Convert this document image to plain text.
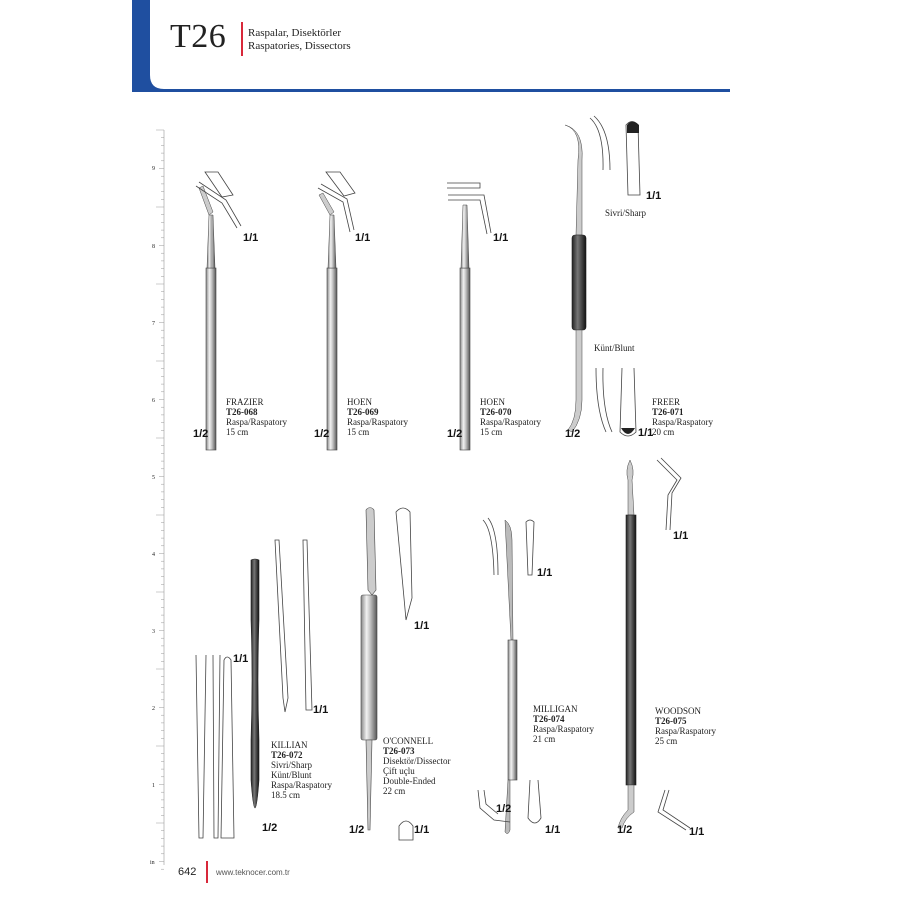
T26 Raspalar, Disektörler
Raspatories, Dissectors
9
8
7
6
5
4
3
2
1
in
1/1
1/2
FRAZIER
T26-068
Raspa/Raspatory
15 cm
1/1
1/2
HOEN
T26-069
Raspa/Raspatory
15 cm
1/1
1/2
HOEN
T26-070
Raspa/Raspatory
15 cm
1/1
Sivri/Sharp
Künt/Blunt
1/1
1/2
FREER
T26-071
Raspa/Raspatory
20 cm
1/1
1/1
1/2
KILLIAN
T26-072
Sivri/Sharp
Künt/Blunt
Raspa/Raspatory
18.5 cm
1/1
1/1
1/2
O'CONNELL
T26-073
Disektör/Dissector
Çift uçlu
Double-Ended
22 cm
1/1
1/1
1/2
MILLIGAN
T26-074
Raspa/Raspatory
21 cm
1/1
1/1
1/2
WOODSON
T26-075
Raspa/Raspatory
25 cm
642 www.teknocer.com.tr
